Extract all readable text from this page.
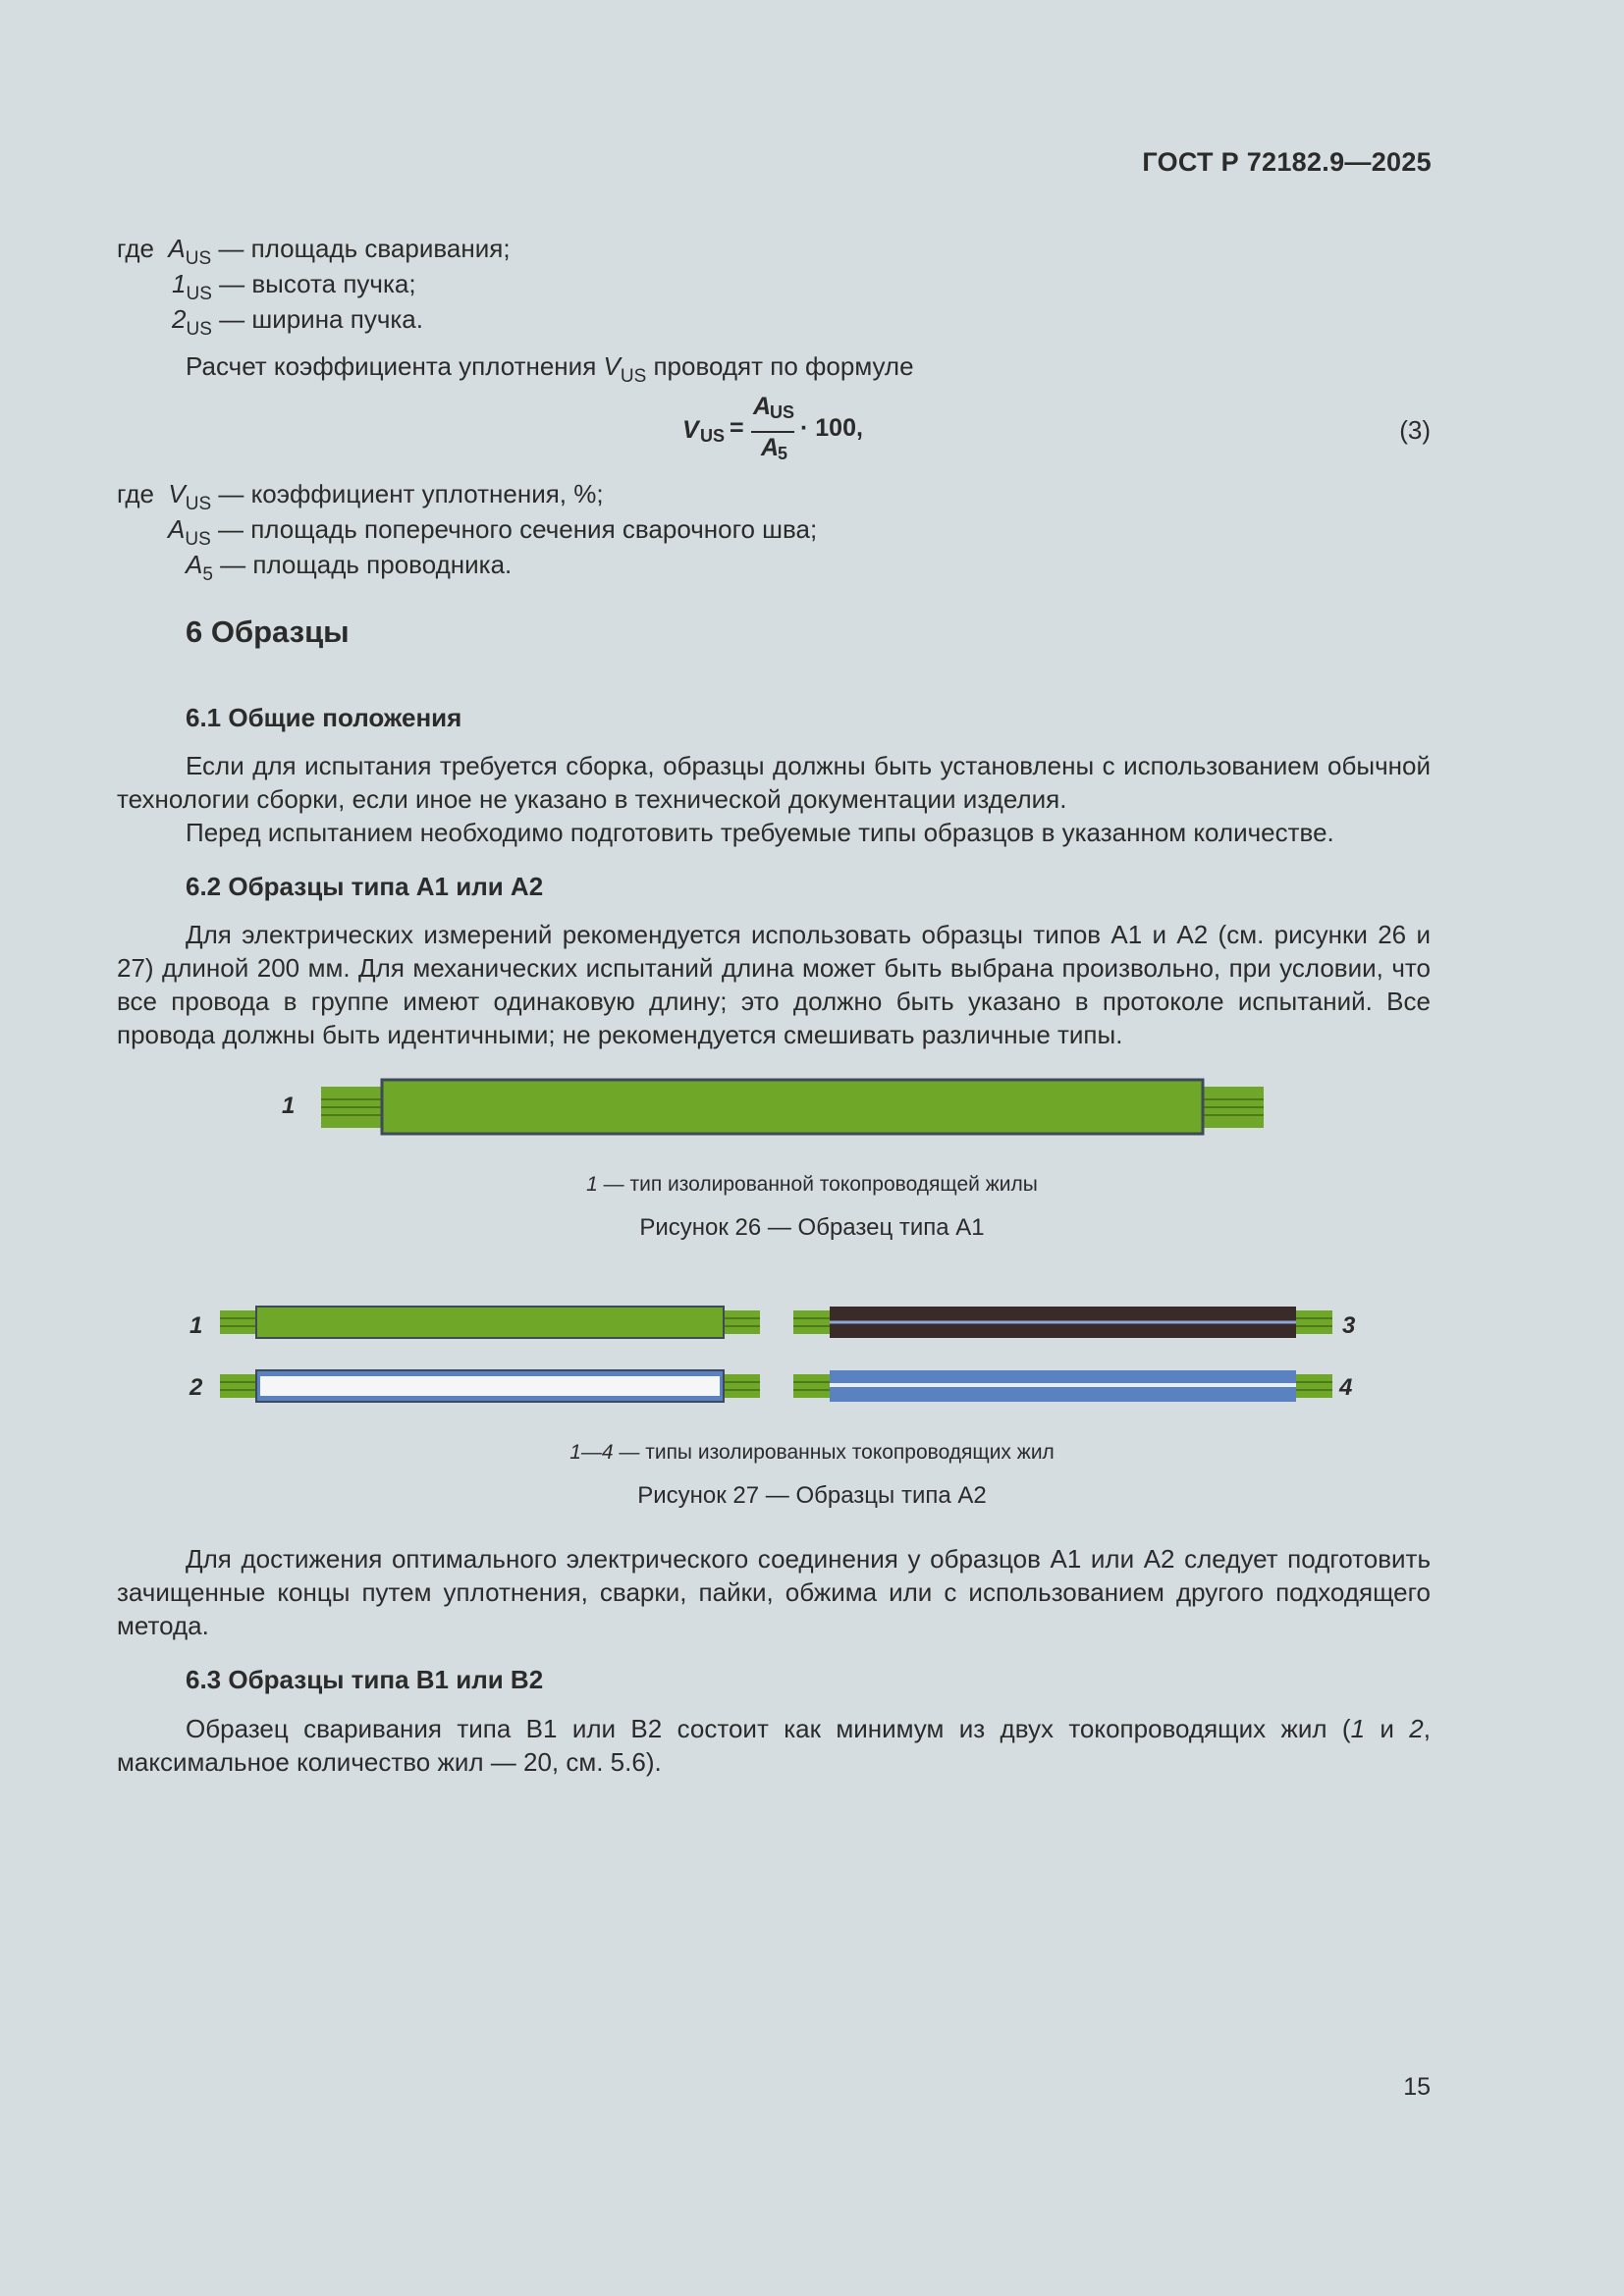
ГОСТ Р 72182.9—2025
где $A_{US}$ — площадь сваривания;
$1_{US}$ — высота пучка;
$2_{US}$ — ширина пучка.
Расчет коэффициента уплотнения $V_{US}$ проводят по формуле
V US =
A
US
A
5
· 100,	(3)
где $V_{US}$ — коэффициент уплотнения, %;
$A_{US}$ — площадь поперечного сечения сварочного шва;
$A_5$ — площадь проводника.
6 Образцы
6.1 Общие положения
Если для испытания требуется сборка, образцы должны быть установлены с использованием обычной технологии сборки, если иное не указано в технической документации изделия.
Перед испытанием необходимо подготовить требуемые типы образцов в указанном количестве.
6.2 Образцы типа А1 или А2
Для электрических измерений рекомендуется использовать образцы типов А1 и А2 (см. рисунки 26 и 27) длиной 200 мм. Для механических испытаний длина может быть выбрана произвольно, при условии, что все провода в группе имеют одинаковую длину; это должно быть указано в протоколе испытаний. Все провода должны быть идентичными; не рекомендуется смешивать различные типы.
1
1 — тип изолированной токопроводящей жилы
Рисунок 26 — Образец типа А1
1
2
3
4
1—4 — типы изолированных токопроводящих жил
Рисунок 27 — Образцы типа А2
Для достижения оптимального электрического соединения у образцов А1 или А2 следует подготовить зачищенные концы путем уплотнения, сварки, пайки, обжима или с использованием другого подходящего метода.
6.3 Образцы типа В1 или В2
Образец сваривания типа В1 или В2 состоит как минимум из двух токопроводящих жил (1 и 2, максимальное количество жил — 20, см. 5.6).
15
